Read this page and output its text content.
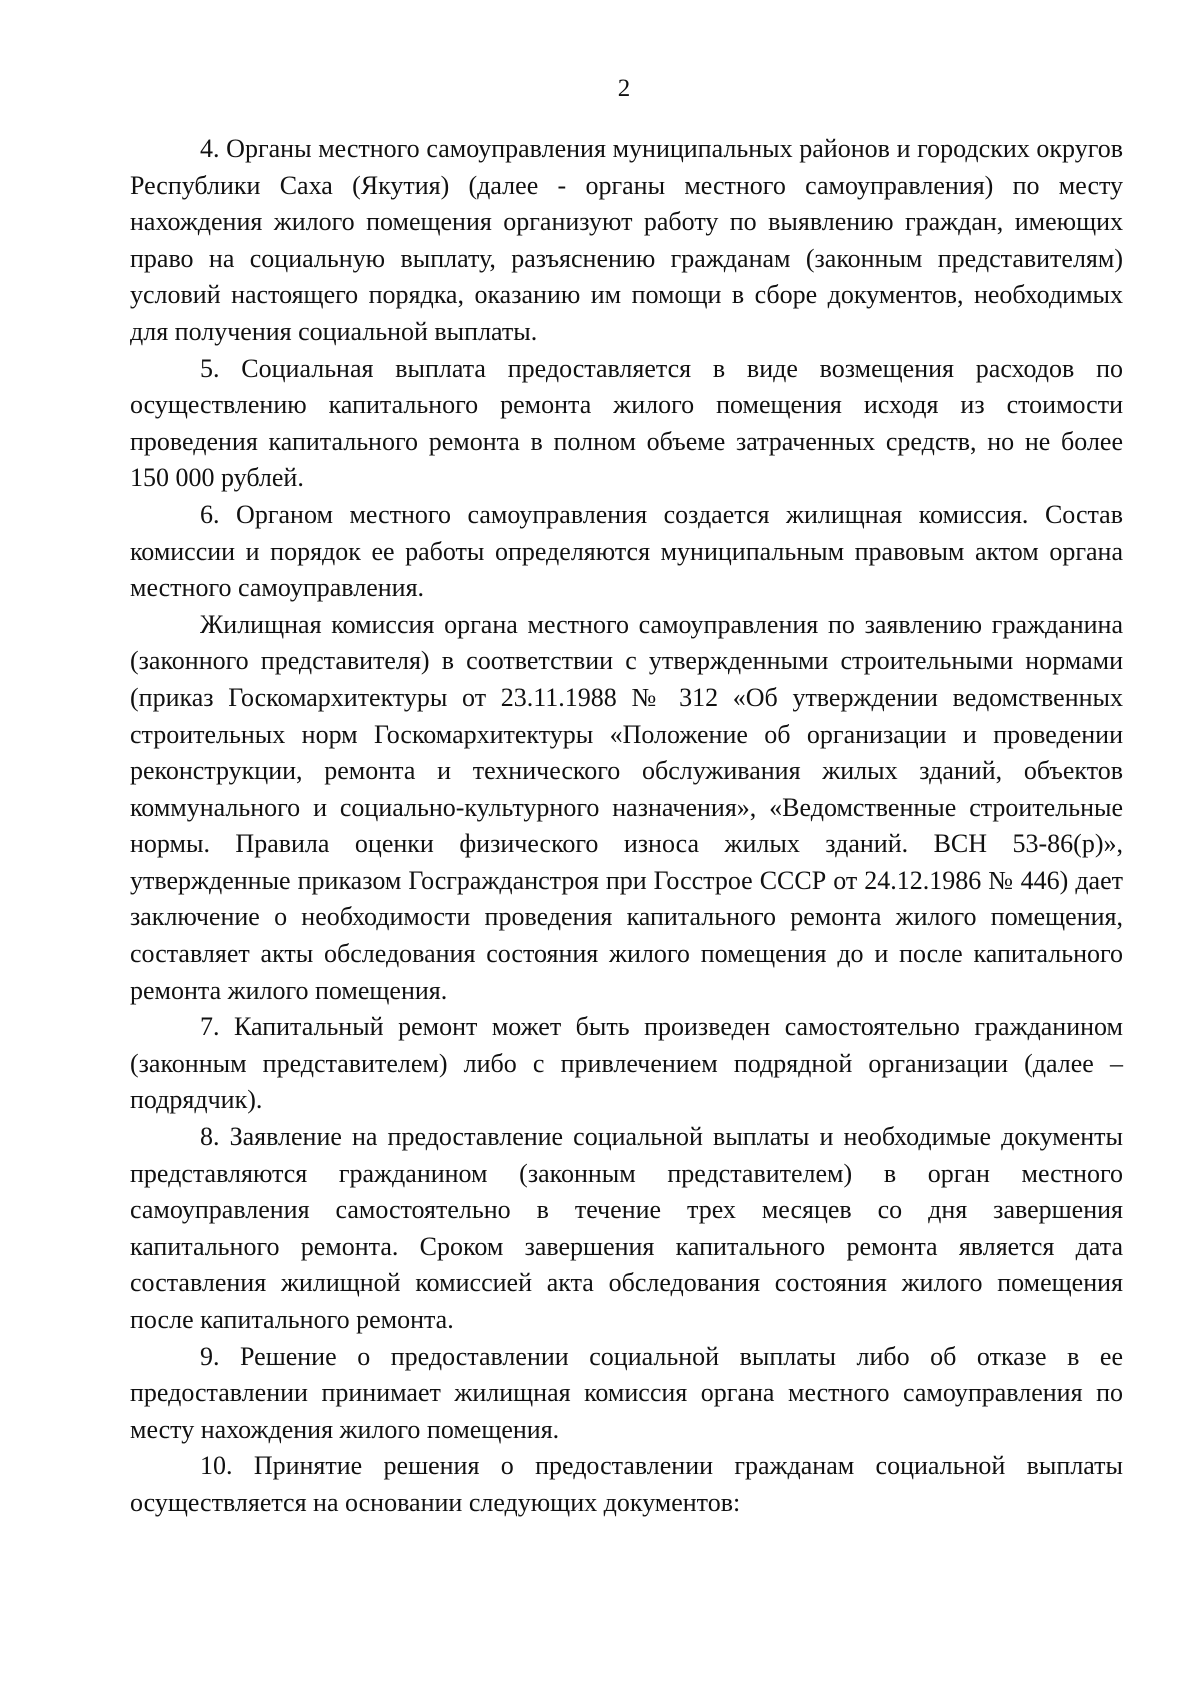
2

4. Органы местного самоуправления муниципальных районов и городских округов Республики Саха (Якутия) (далее - органы местного самоуправления) по месту нахождения жилого помещения организуют работу по выявлению граждан, имеющих право на социальную выплату, разъяснению гражданам (законным представителям) условий настоящего порядка, оказанию им помощи в сборе документов, необходимых для получения социальной выплаты.

5. Социальная выплата предоставляется в виде возмещения расходов по осуществлению капитального ремонта жилого помещения исходя из стоимости проведения капитального ремонта в полном объеме затраченных средств, но не более 150 000 рублей.

6. Органом местного самоуправления создается жилищная комиссия. Состав комиссии и порядок ее работы определяются муниципальным правовым актом органа местного самоуправления.

Жилищная комиссия органа местного самоуправления по заявлению гражданина (законного представителя) в соответствии с утвержденными строительными нормами (приказ Госкомархитектуры от 23.11.1988 № 312 «Об утверждении ведомственных строительных норм Госкомархитектуры «Положение об организации и проведении реконструкции, ремонта и технического обслуживания жилых зданий, объектов коммунального и социально-культурного назначения», «Ведомственные строительные нормы. Правила оценки физического износа жилых зданий. ВСН 53-86(р)», утвержденные приказом Госгражданстроя при Госстрое СССР от 24.12.1986 № 446) дает заключение о необходимости проведения капитального ремонта жилого помещения, составляет акты обследования состояния жилого помещения до и после капитального ремонта жилого помещения.

7. Капитальный ремонт может быть произведен самостоятельно гражданином (законным представителем) либо с привлечением подрядной организации (далее – подрядчик).

8. Заявление на предоставление социальной выплаты и необходимые документы представляются гражданином (законным представителем) в орган местного самоуправления самостоятельно в течение трех месяцев со дня завершения капитального ремонта. Сроком завершения капитального ремонта является дата составления жилищной комиссией акта обследования состояния жилого помещения после капитального ремонта.

9. Решение о предоставлении социальной выплаты либо об отказе в ее предоставлении принимает жилищная комиссия органа местного самоуправления по месту нахождения жилого помещения.

10. Принятие решения о предоставлении гражданам социальной выплаты осуществляется на основании следующих документов:
